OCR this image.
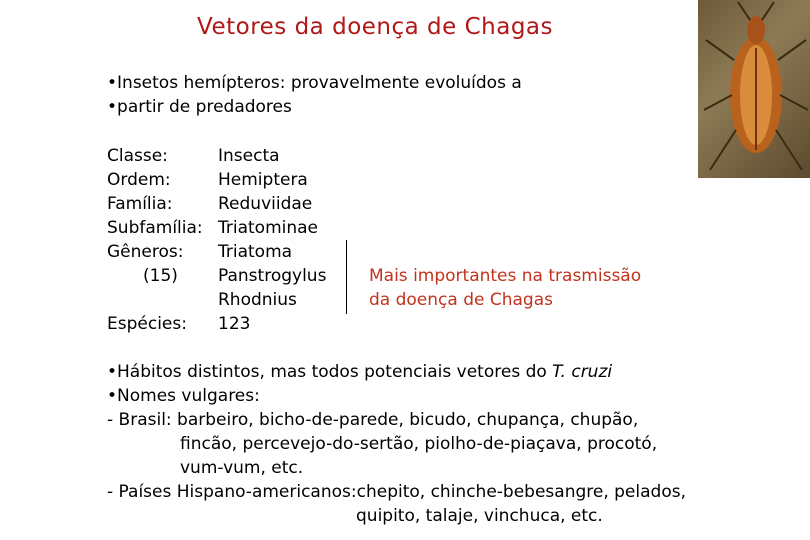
Vetores da doença de Chagas
•Insetos hemípteros: provavelmente evoluídos a
•partir de predadores
Classe:	Insecta
Ordem:	Hemiptera
Família:	Reduviidae
Subfamília: Triatominae
Gêneros: Triatoma
(15) Panstrogylus
Rhodnius
Espécies: 123
Mais importantes na trasmissão
da doença de Chagas
•Hábitos distintos, mas todos potenciais vetores do T. cruzi
•Nomes vulgares:
- Brasil: barbeiro, bicho-de-parede, bicudo, chupança, chupão,
fincão, percevejo-do-sertão, piolho-de-piaçava, procotó,
vum-vum, etc.
- Países Hispano-americanos:chepito, chinche-bebesangre, pelados,
quipito, talaje, vinchuca, etc.
